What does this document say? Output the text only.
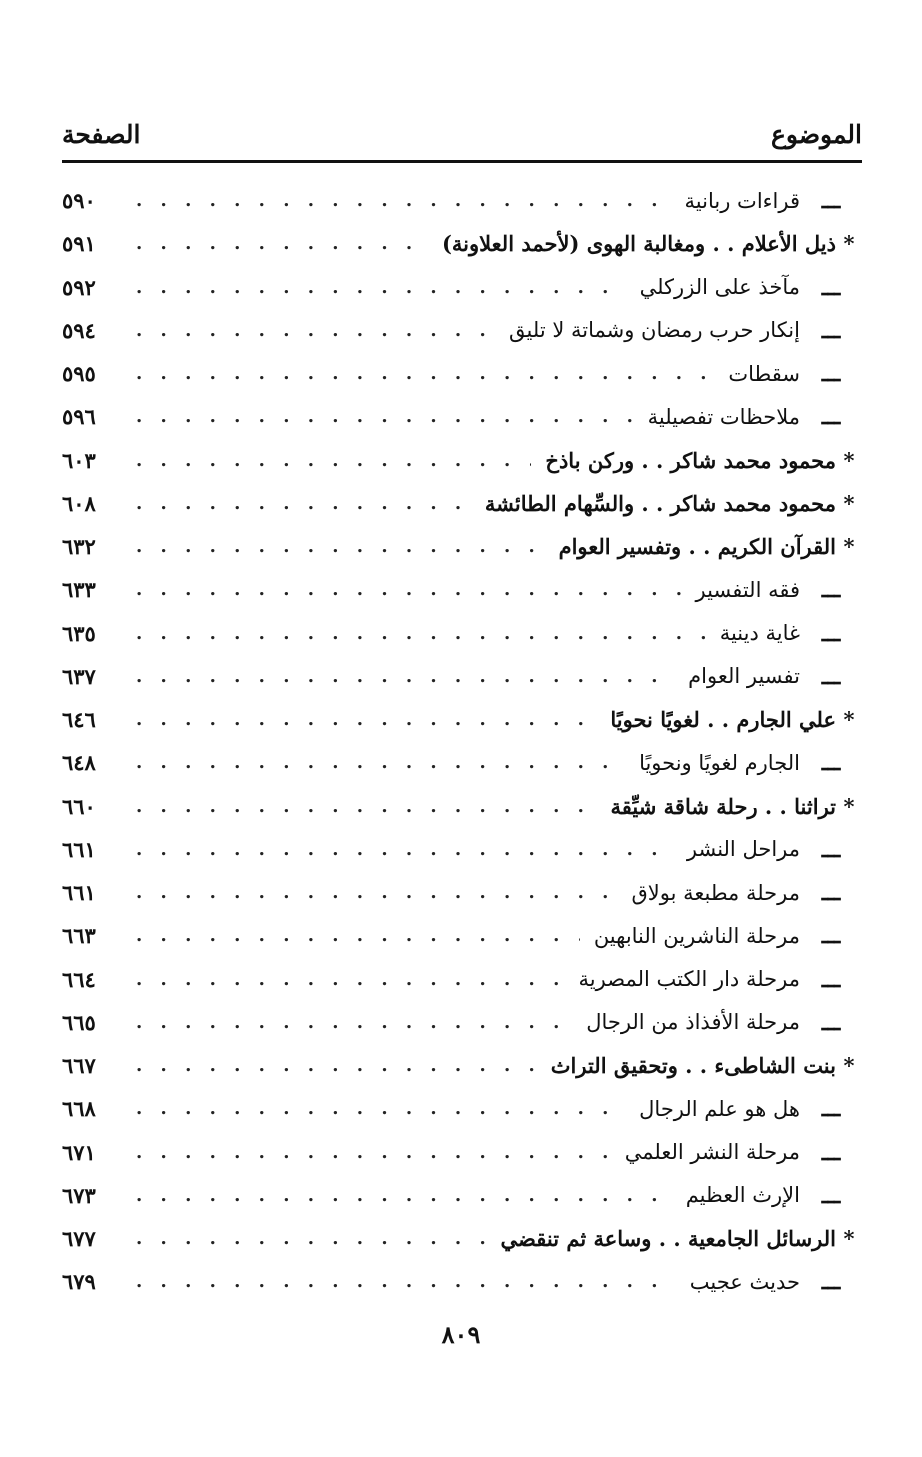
الموضوع
الصفحة
ـــ
قراءات ربانية
. . .
٥٩٠
*
ذيل الأعلام . . ومغالبة الهوى (لأحمد العلاونة)
. . .
٥٩١
ـــ
مآخذ على الزركلي
. . .
٥٩٢
ـــ
إنكار حرب رمضان وشماتة لا تليق
. . .
٥٩٤
ـــ
سقطات
. . .
٥٩٥
ـــ
ملاحظات تفصيلية
. . .
٥٩٦
*
محمود محمد شاكر . . وركن باذخ
. . .
٦٠٣
*
محمود محمد شاكر . . والسِّهام الطائشة
. . .
٦٠٨
*
القرآن الكريم . . وتفسير العوام
. . .
٦٣٢
ـــ
فقه التفسير
. . .
٦٣٣
ـــ
غاية دينية
. . .
٦٣٥
ـــ
تفسير العوام
. . .
٦٣٧
*
علي الجارم . . لغويًا نحويًا
. . .
٦٤٦
ـــ
الجارم لغويًا ونحويًا
. . .
٦٤٨
*
تراثنا . . رحلة شاقة شيِّقة
. . .
٦٦٠
ـــ
مراحل النشر
. . .
٦٦١
ـــ
مرحلة مطبعة بولاق
. . .
٦٦١
ـــ
مرحلة الناشرين النابهين
. . .
٦٦٣
ـــ
مرحلة دار الكتب المصرية
. . .
٦٦٤
ـــ
مرحلة الأفذاذ من الرجال
. . .
٦٦٥
*
بنت الشاطىء . . وتحقيق التراث
. . .
٦٦٧
ـــ
هل هو علم الرجال
. . .
٦٦٨
ـــ
مرحلة النشر العلمي
. . .
٦٧١
ـــ
الإرث العظيم
. . .
٦٧٣
*
الرسائل الجامعية . . وساعة ثم تنقضي
. . .
٦٧٧
ـــ
حديث عجيب
. . .
٦٧٩
٨٠٩
